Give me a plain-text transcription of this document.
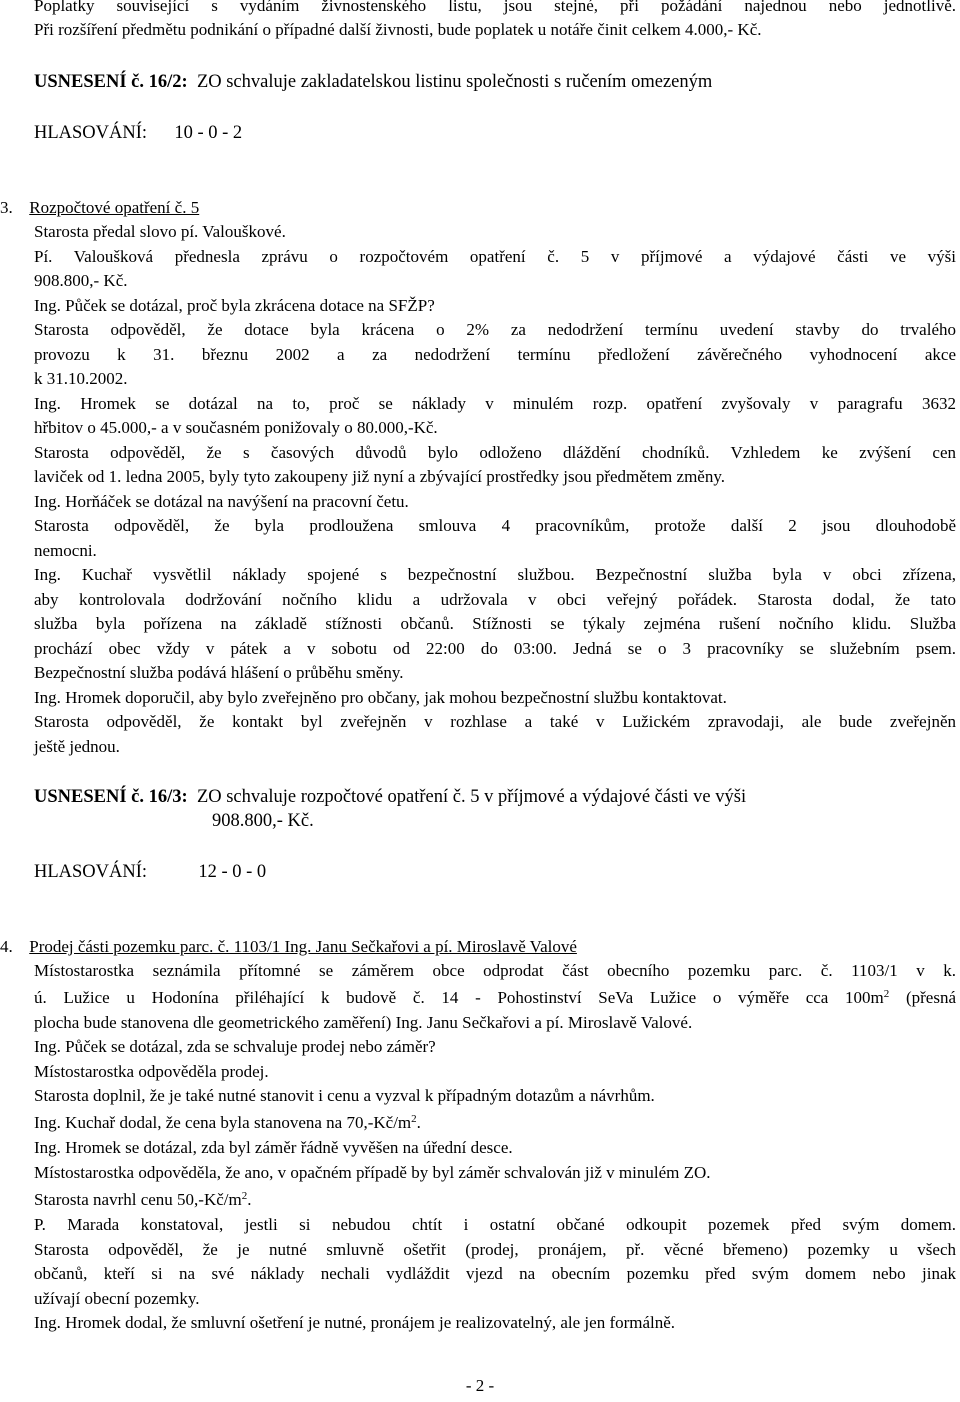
Poplatky související s vydáním živnostenského listu, jsou stejné, při požádání najednou nebo jednotlivě.
Při rozšíření předmětu podnikání o případné další živnosti, bude poplatek u notáře činit celkem 4.000,- Kč.
USNESENÍ č. 16/2: ZO schvaluje zakladatelskou listinu společnosti s ručením omezeným
HLASOVÁNÍ: 10 - 0 - 2
3. Rozpočtové opatření č. 5
Starosta předal slovo pí. Valouškové.
Pí. Valoušková přednesla zprávu o rozpočtovém opatření č. 5 v příjmové a výdajové části ve výši
908.800,- Kč.
Ing. Půček se dotázal, proč byla zkrácena dotace na SFŽP?
Starosta odpověděl, že dotace byla krácena o 2% za nedodržení termínu uvedení stavby do trvalého
provozu k 31. březnu 2002 a za nedodržení termínu předložení závěrečného vyhodnocení akce
k 31.10.2002.
Ing. Hromek se dotázal na to, proč se náklady v minulém rozp. opatření zvyšovaly v paragrafu 3632
hřbitov o 45.000,- a v současném ponižovaly o 80.000,-Kč.
Starosta odpověděl, že s časových důvodů bylo odloženo dláždění chodníků. Vzhledem ke zvýšení cen
laviček od 1. ledna 2005, byly tyto zakoupeny již nyní a zbývající prostředky jsou předmětem změny.
Ing. Horňáček se dotázal na navýšení na pracovní četu.
Starosta odpověděl, že byla prodloužena smlouva 4 pracovníkům, protože další 2 jsou dlouhodobě
nemocni.
Ing. Kuchař vysvětlil náklady spojené s bezpečnostní službou. Bezpečnostní služba byla v obci zřízena,
aby kontrolovala dodržování nočního klidu a udržovala v obci veřejný pořádek. Starosta dodal, že tato
služba byla pořízena na základě stížnosti občanů. Stížnosti se týkaly zejména rušení nočního klidu. Služba
prochází obec vždy v pátek a v sobotu od 22:00 do 03:00. Jedná se o 3 pracovníky se služebním psem.
Bezpečnostní služba podává hlášení o průběhu směny.
Ing. Hromek doporučil, aby bylo zveřejněno pro občany, jak mohou bezpečnostní službu kontaktovat.
Starosta odpověděl, že kontakt byl zveřejněn v rozhlase a také v Lužickém zpravodaji, ale bude zveřejněn
ještě jednou.
USNESENÍ č. 16/3: ZO schvaluje rozpočtové opatření č. 5 v příjmové a výdajové části ve výši
908.800,- Kč.
HLASOVÁNÍ:	12 - 0 - 0
4. Prodej části pozemku parc. č. 1103/1 Ing. Janu Sečkařovi a pí. Miroslavě Valové
Místostarostka seznámila přítomné se záměrem obce odprodat část obecního pozemku parc. č. 1103/1 v k.
ú. Lužice u Hodonína přiléhající k budově č. 14 - Pohostinství SeVa Lužice o výměře cca $100m^2$ (přesná
plocha bude stanovena dle geometrického zaměření) Ing. Janu Sečkařovi a pí. Miroslavě Valové.
Ing. Půček se dotázal, zda se schvaluje prodej nebo záměr?
Místostarostka odpověděla prodej.
Starosta doplnil, že je také nutné stanovit i cenu a vyzval k případným dotazům a návrhům.
Ing. Kuchař dodal, že cena byla stanovena na $70,-Kč/m^2$.
Ing. Hromek se dotázal, zda byl záměr řádně vyvěšen na úřední desce.
Místostarostka odpověděla, že ano, v opačném případě by byl záměr schvalován již v minulém ZO.
Starosta navrhl cenu $50,-Kč/m^2$.
P. Marada konstatoval, jestli si nebudou chtít i ostatní občané odkoupit pozemek před svým domem.
Starosta odpověděl, že je nutné smluvně ošetřit (prodej, pronájem, př. věcné břemeno) pozemky u všech
občanů, kteří si na své náklady nechali vydláždit vjezd na obecním pozemku před svým domem nebo jinak
užívají obecní pozemky.
Ing. Hromek dodal, že smluvní ošetření je nutné, pronájem je realizovatelný, ale jen formálně.
- 2 -
